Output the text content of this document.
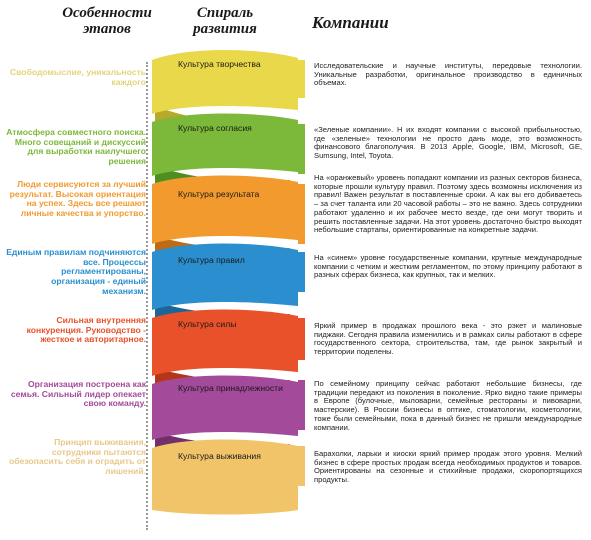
Особенности этапов
Спираль развития	Компании
Свободомыслие, уникальность каждого
Атмосфера совместного поиска. Много совещаний и дискуссий для выработки наилучшего решения
Люди сервисуются за лучший результат. Высокая ориентация на успех. Здесь все решают личные качества и упорство.
Единым правилам подчиняются все. Процессы регламентированы, организация - единый механизм.
Сильная внутренняя конкуренция. Руководство - жесткое и авторитарное.
Организация построена как семья. Сильный лидер опекает свою команду.
Принцип выживания, сотрудники пытаются обезопасить себя и оградить от лишений.
Культура творчества
Культура согласия
Культура результата
Культура правил
Культура силы
Культура принадлежности
Культура выживания
Исследовательские и научные институты, передовые технологии. Уникальные разработки, оригинальное производство в единичных объемах.
«Зеленые компании». Н их входят компании с высокой прибыльностью, где «зеленые» технологии не просто дань моде, это возможность финансового благополучия. В 2013 Apple, Google, IBM, Microsoft, GE, Sumsung, Intel, Toyota.
На «оранжевый» уровень попадают компании из разных секторов бизнеса, которые прошли культуру правил. Поэтому здесь возможны исключения из правил! Важен результат в поставленные сроки. А как вы его добиваетесь – за счет таланта или 20 часовой работы – это не важно. Здесь сотрудники работают удаленно и их рабочее место везде, где они могут творить и решить поставленные задачи. На этот уровень достаточно быстро выходят небольшие стартапы, ориентированные на конкретные задачи.
На «синем» уровне государственные компании, крупные международные компании с четким и жестким регламентом, по этому принципу работают в разных сферах бизнеса, как крупных, так и мелких.
Яркий пример в продажах прошлого века - это рэкет и малиновые пиджаки. Сегодня правила изменились и в рамках силы работают в сфере государственного сектора, строительства, там, где рынок закрытый и территории поделены.
По семейному принципу сейчас работают небольшие бизнесы, где традиции передают из поколения в поколение. Ярко видно такие примеры в Европе (булочные, мыловарни, семейные рестораны и пивоварни, мастерские). В России бизнесы в оптике, стоматологии, косметологии, тоже были семейными, пока в данный бизнес не пришли международные компании.
Барахолки, ларьки и киоски яркий пример продаж этого уровня. Мелкий бизнес в сфере простых продаж всегда необходимых продуктов и товаров. Ориентированы на сезонные и стихийные продажи, скоропортящихся продукты.
